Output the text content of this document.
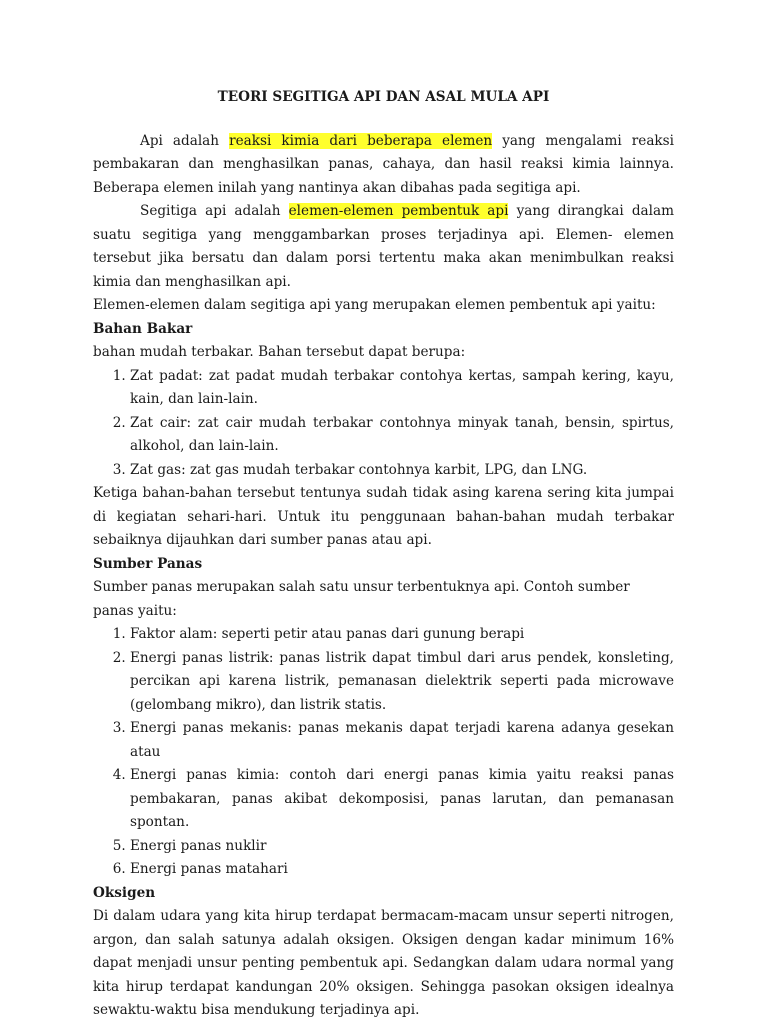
TEORI SEGITIGA API DAN ASAL MULA API

Api adalah reaksi kimia dari beberapa elemen yang mengalami reaksi pembakaran dan menghasilkan panas, cahaya, dan hasil reaksi kimia lainnya. Beberapa elemen inilah yang nantinya akan dibahas pada segitiga api.

Segitiga api adalah elemen-elemen pembentuk api yang dirangkai dalam suatu segitiga yang menggambarkan proses terjadinya api. Elemen- elemen tersebut jika bersatu dan dalam porsi tertentu maka akan menimbulkan reaksi kimia dan menghasilkan api.

Elemen-elemen dalam segitiga api yang merupakan elemen pembentuk api yaitu:

Bahan Bakar

bahan mudah terbakar. Bahan tersebut dapat berupa:

1. Zat padat: zat padat mudah terbakar contohya kertas, sampah kering, kayu, kain, dan lain-lain.
2. Zat cair: zat cair mudah terbakar contohnya minyak tanah, bensin, spirtus, alkohol, dan lain-lain.
3. Zat gas: zat gas mudah terbakar contohnya karbit, LPG, dan LNG.

Ketiga bahan-bahan tersebut tentunya sudah tidak asing karena sering kita jumpai di kegiatan sehari-hari. Untuk itu penggunaan bahan-bahan mudah terbakar sebaiknya dijauhkan dari sumber panas atau api.

Sumber Panas

Sumber panas merupakan salah satu unsur terbentuknya api. Contoh sumber panas yaitu:

1. Faktor alam: seperti petir atau panas dari gunung berapi
2. Energi panas listrik: panas listrik dapat timbul dari arus pendek, konsleting, percikan api karena listrik, pemanasan dielektrik seperti pada microwave (gelombang mikro), dan listrik statis.
3. Energi panas mekanis: panas mekanis dapat terjadi karena adanya gesekan atau
4. Energi panas kimia: contoh dari energi panas kimia yaitu reaksi panas pembakaran, panas akibat dekomposisi, panas larutan, dan pemanasan spontan.
5. Energi panas nuklir
6. Energi panas matahari
Oksigen

Di dalam udara yang kita hirup terdapat bermacam-macam unsur seperti nitrogen, argon, dan salah satunya adalah oksigen. Oksigen dengan kadar minimum 16% dapat menjadi unsur penting pembentuk api. Sedangkan dalam udara normal yang kita hirup terdapat kandungan 20% oksigen. Sehingga pasokan oksigen idealnya sewaktu-waktu bisa mendukung terjadinya api.
